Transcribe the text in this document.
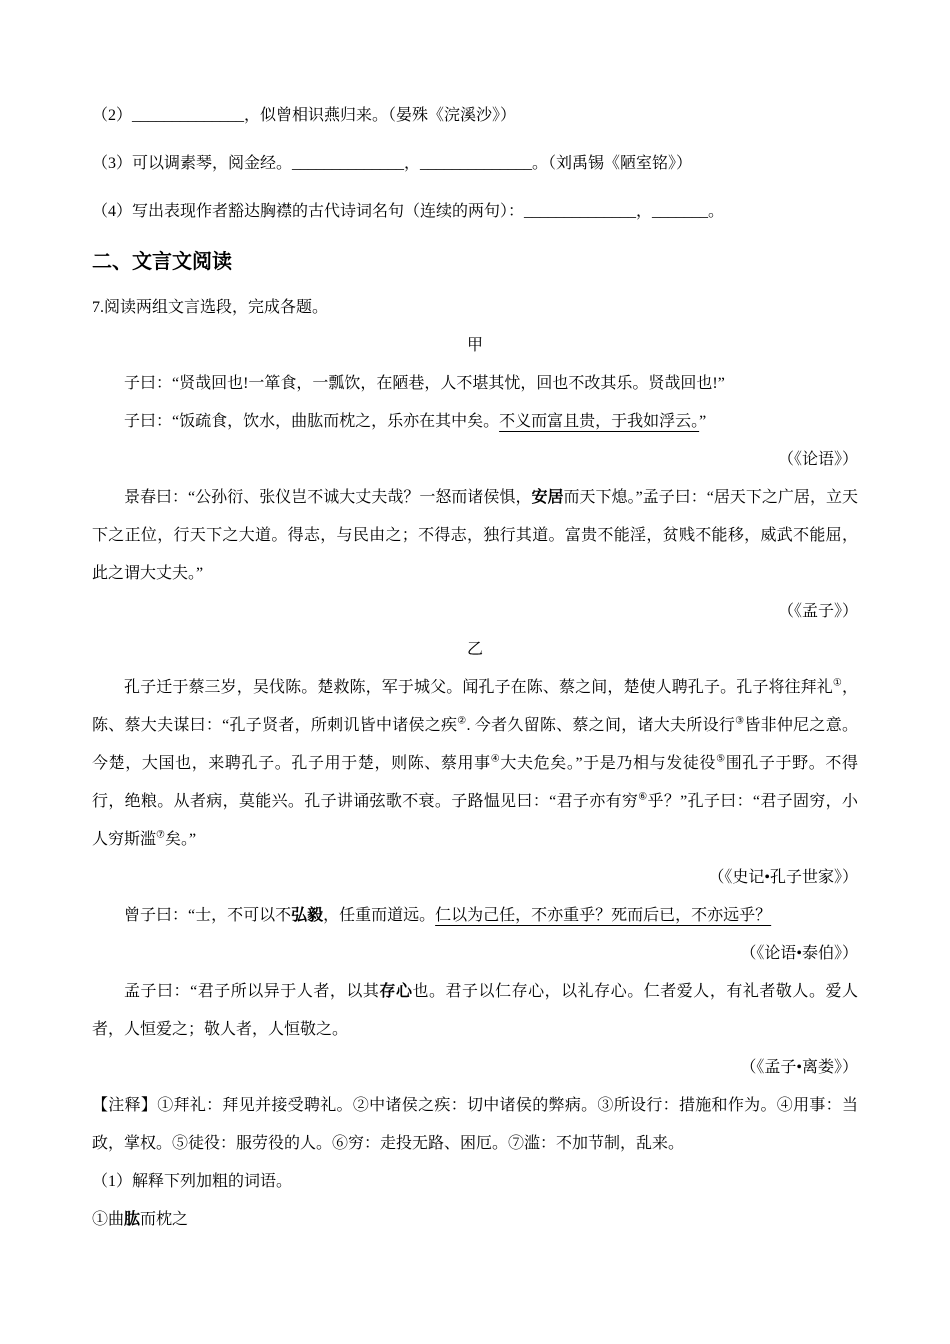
（2）______________，似曾相识燕归来。（晏殊《浣溪沙》）

（3）可以调素琴，阅金经。______________，______________。（刘禹锡《陋室铭》）

（4）写出表现作者豁达胸襟的古代诗词名句（连续的两句）：______________，_______。

二、文言文阅读

7.阅读两组文言选段，完成各题。

甲

子曰：“贤哉回也!一箪食，一瓢饮，在陋巷，人不堪其忧，回也不改其乐。贤哉回也!”

子曰：“饭疏食，饮水，曲肱而枕之，乐亦在其中矣。不义而富且贵，于我如浮云。”

（《论语》）

景春曰：“公孙衍、张仪岂不诚大丈夫哉？一怒而诸侯惧，安居而天下熄。”孟子曰：“居天下之广居，立天下之正位，行天下之大道。得志，与民由之；不得志，独行其道。富贵不能淫，贫贱不能移，威武不能屈，此之谓大丈夫。”

（《孟子》）

乙

孔子迁于蔡三岁，吴伐陈。楚救陈，军于城父。闻孔子在陈、蔡之间，楚使人聘孔子。孔子将往拜礼①，陈、蔡大夫谋曰：“孔子贤者，所刺讥皆中诸侯之疾②. 今者久留陈、蔡之间，诸大夫所设行③皆非仲尼之意。今楚，大国也，来聘孔子。孔子用于楚，则陈、蔡用事④大夫危矣。”于是乃相与发徒役⑤围孔子于野。不得行，绝粮。从者病，莫能兴。孔子讲诵弦歌不衰。子路愠见曰：“君子亦有穷⑥乎？”孔子曰：“君子固穷，小人穷斯滥⑦矣。”

（《史记•孔子世家》）

曾子曰：“士，不可以不弘毅，任重而道远。仁以为己任，不亦重乎？死而后已，不亦远乎？

（《论语•泰伯》）

孟子曰：“君子所以异于人者，以其存心也。君子以仁存心，以礼存心。仁者爱人，有礼者敬人。爱人者，人恒爱之；敬人者，人恒敬之。

（《孟子•离娄》）

【注释】①拜礼：拜见并接受聘礼。②中诸侯之疾：切中诸侯的弊病。③所设行：措施和作为。④用事：当政，掌权。⑤徒役：服劳役的人。⑥穷：走投无路、困厄。⑦滥：不加节制，乱来。

（1）解释下列加粗的词语。

①曲肱而枕之
